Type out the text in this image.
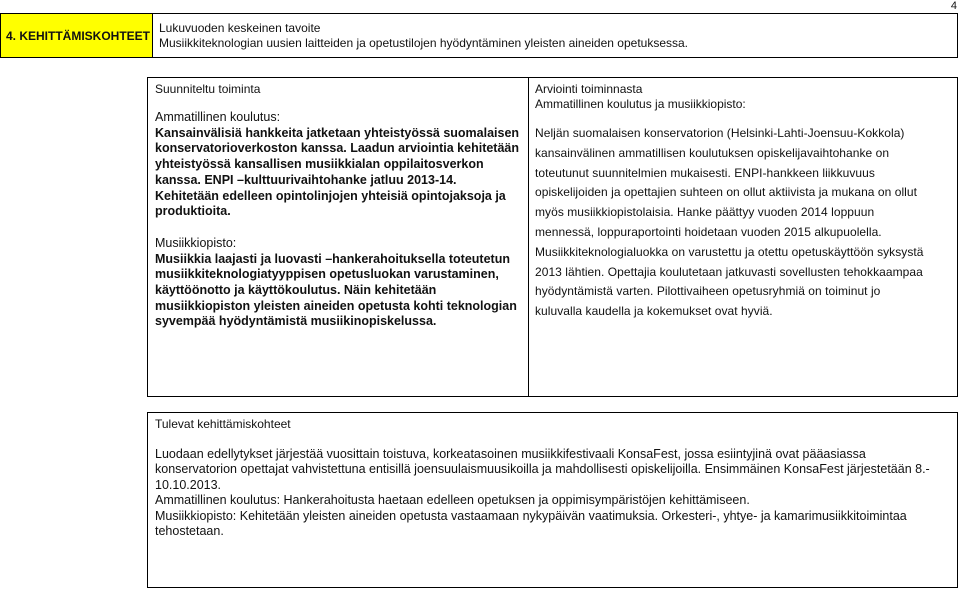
4
4. KEHITTÄMISKOHTEET	
Lukuvuoden keskeinen tavoite
Musiikkiteknologian uusien laitteiden ja opetustilojen hyödyntäminen yleisten aineiden opetuksessa.

Suunniteltu toiminta

Ammatillinen koulutus:

Kansainvälisiä hankkeita jatketaan yhteistyössä suomalaisen

konservatorioverkoston kanssa. Laadun arviointia kehitetään

yhteistyössä kansallisen musiikkialan oppilaitosverkon

kanssa. ENPI –kulttuurivaihtohanke jatluu 2013-14.

Kehitetään edelleen opintolinjojen yhteisiä opintojaksoja ja

produktioita.

Musiikkiopisto:

Musiikkia laajasti ja luovasti –hankerahoituksella toteutetun

musiikkiteknologiatyyppisen opetusluokan varustaminen,

käyttöönotto ja käyttökoulutus. Näin kehitetään

musiikkiopiston yleisten aineiden opetusta kohti teknologian

syvempää hyödyntämistä musiikinopiskelussa.

Arviointi toiminnasta

Ammatillinen koulutus ja musiikkiopisto:

Neljän suomalaisen konservatorion (Helsinki-Lahti-Joensuu-Kokkola)

kansainvälinen ammatillisen koulutuksen opiskelijavaihtohanke on

toteutunut suunnitelmien mukaisesti. ENPI-hankkeen liikkuvuus

opiskelijoiden ja opettajien suhteen on ollut aktiivista ja mukana on ollut

myös musiikkiopistolaisia. Hanke päättyy vuoden 2014 loppuun

mennessä, loppuraportointi hoidetaan vuoden 2015 alkupuolella.

Musiikkiteknologialuokka on varustettu ja otettu opetuskäyttöön syksystä

2013 lähtien. Opettajia koulutetaan jatkuvasti sovellusten tehokkaampaa

hyödyntämistä varten. Pilottivaiheen opetusryhmiä on toiminut jo

kuluvalla kaudella ja kokemukset ovat hyviä.

Tulevat kehittämiskohteet

Luodaan edellytykset järjestää vuosittain toistuva, korkeatasoinen musiikkifestivaali KonsaFest, jossa esiintyjinä ovat pääasiassa

konservatorion opettajat vahvistettuna entisillä joensuulaismuusikoilla ja mahdollisesti opiskelijoilla. Ensimmäinen KonsaFest järjestetään 8.-

10.10.2013.

Ammatillinen koulutus: Hankerahoitusta haetaan edelleen opetuksen ja oppimisympäristöjen kehittämiseen.

Musiikkiopisto: Kehitetään yleisten aineiden opetusta vastaamaan nykypäivän vaatimuksia. Orkesteri-, yhtye- ja kamarimusiikkitoimintaa

tehostetaan.
